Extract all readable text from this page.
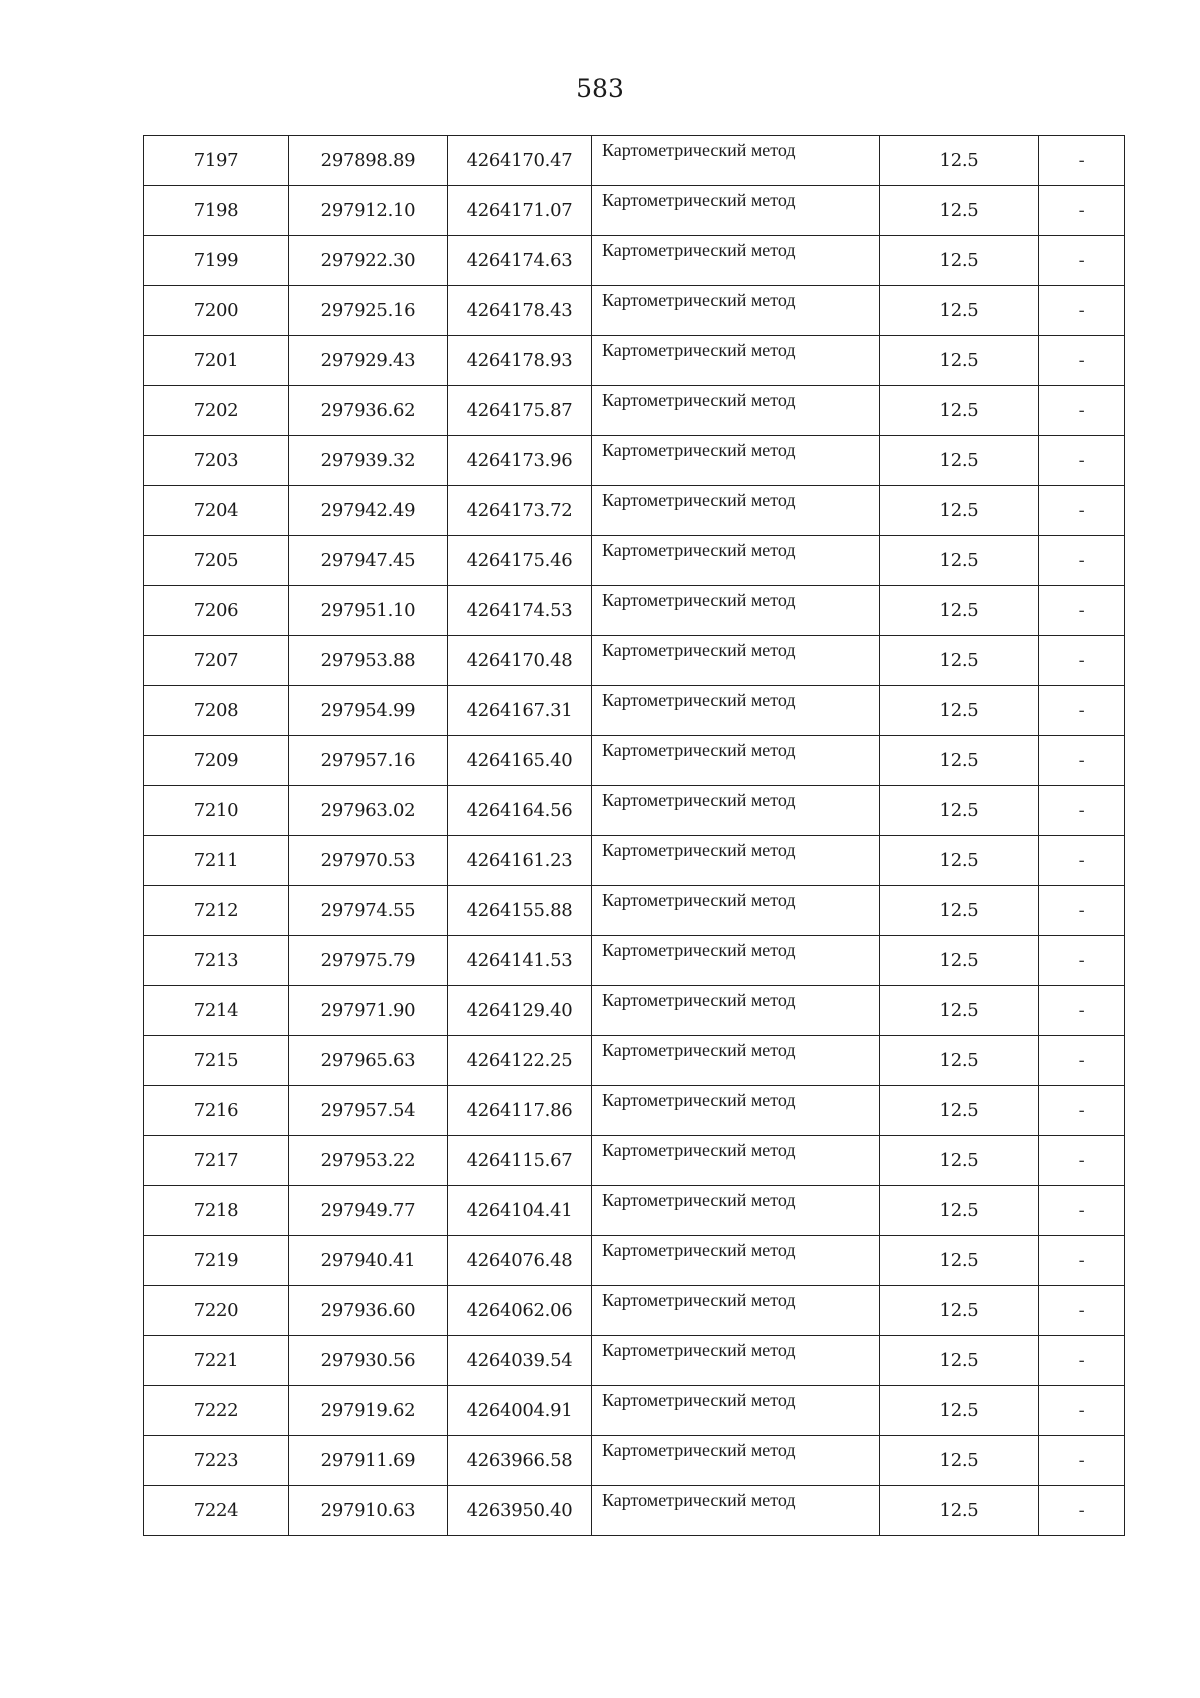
583
7197	297898.89	4264170.47	Картометрический метод	12.5	-
7198	297912.10	4264171.07	Картометрический метод	12.5	-
7199	297922.30	4264174.63	Картометрический метод	12.5	-
7200	297925.16	4264178.43	Картометрический метод	12.5	-
7201	297929.43	4264178.93	Картометрический метод	12.5	-
7202	297936.62	4264175.87	Картометрический метод	12.5	-
7203	297939.32	4264173.96	Картометрический метод	12.5	-
7204	297942.49	4264173.72	Картометрический метод	12.5	-
7205	297947.45	4264175.46	Картометрический метод	12.5	-
7206	297951.10	4264174.53	Картометрический метод	12.5	-
7207	297953.88	4264170.48	Картометрический метод	12.5	-
7208	297954.99	4264167.31	Картометрический метод	12.5	-
7209	297957.16	4264165.40	Картометрический метод	12.5	-
7210	297963.02	4264164.56	Картометрический метод	12.5	-
7211	297970.53	4264161.23	Картометрический метод	12.5	-
7212	297974.55	4264155.88	Картометрический метод	12.5	-
7213	297975.79	4264141.53	Картометрический метод	12.5	-
7214	297971.90	4264129.40	Картометрический метод	12.5	-
7215	297965.63	4264122.25	Картометрический метод	12.5	-
7216	297957.54	4264117.86	Картометрический метод	12.5	-
7217	297953.22	4264115.67	Картометрический метод	12.5	-
7218	297949.77	4264104.41	Картометрический метод	12.5	-
7219	297940.41	4264076.48	Картометрический метод	12.5	-
7220	297936.60	4264062.06	Картометрический метод	12.5	-
7221	297930.56	4264039.54	Картометрический метод	12.5	-
7222	297919.62	4264004.91	Картометрический метод	12.5	-
7223	297911.69	4263966.58	Картометрический метод	12.5	-
7224	297910.63	4263950.40	Картометрический метод	12.5	-
